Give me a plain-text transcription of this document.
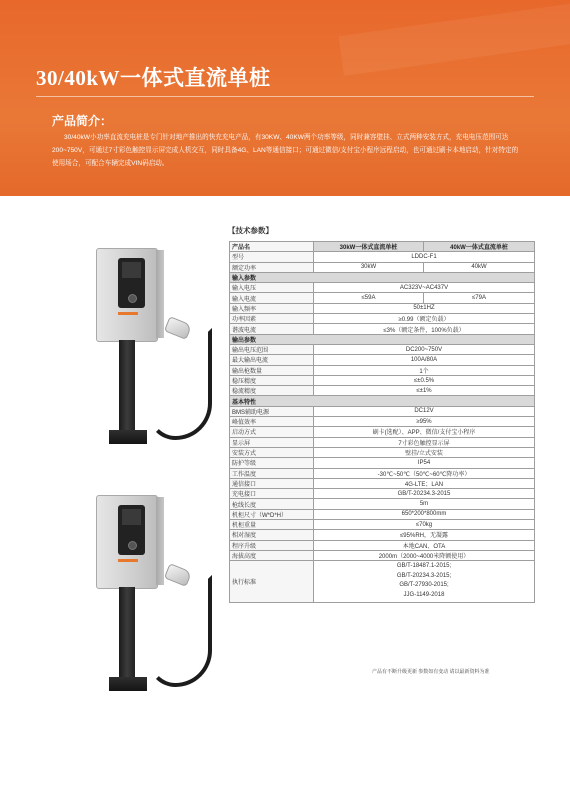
30/40kW一体式直流单桩
产品简介：

30/40kW小功率直流充电桩是专门针对地产推出的快充充电产品，有30KW、40KW两个功率等级，同时兼容壁挂、立式两种安装方式，充电电压范围可达200~750V，可通过7寸彩色触控显示屏完成人机交互，同时具备4G、LAN等通信接口；可通过微信/支付宝小程序远程启动，也可通过刷卡本地启动，针对特定的使用场合，可配合车辆完成VIN码启动。

【技术参数】
产品名	30kW一体式直流单桩	40kW一体式直流单桩
型号	LDDC-F1	
额定功率	30kW	40kW
输入参数		
输入电压	AC323V~AC437V	
输入电流	≤59A	≤79A
输入频率	50±1HZ	
功率因素	≥0.99（额定负载）	
谐波电流	≤3%（额定条件，100%负载）	
输出参数		
输出电压范围	DC200~750V	
最大输出电流	100A/80A	
输出枪数量	1个	
稳压精度	≤±0.5%	
稳流精度	≤±1%	
基本特性		
BMS辅助电源	DC12V	
峰值效率	≥95%	
启动方式	刷卡(选配）、APP、微信/支付宝小程序	
显示屏	7寸彩色触控显示屏	
安装方式	壁挂/立式安装	
防护等级	IP54	
工作温度	-30℃~50℃（50℃~60℃降功率）	
通信接口	4G-LTE；LAN	
充电接口	GB/T-20234.3-2015	
枪线长度	5m	
机柜尺寸（W*D*H）	650*200*800mm	
机柜重量	≤70kg	
相对湿度	≤95%RH，无凝露	
程序升级	本地CAN、OTA	
海拔高度	2000m（2000~4000米降额使用）	
执行标准	GB/T-18487.1-2015;
GB/T-20234.3-2015;
GB/T-27930-2015;
JJG-1149-2018	

产品有不断升级更新 参数如有变动 请以最新资料为准
